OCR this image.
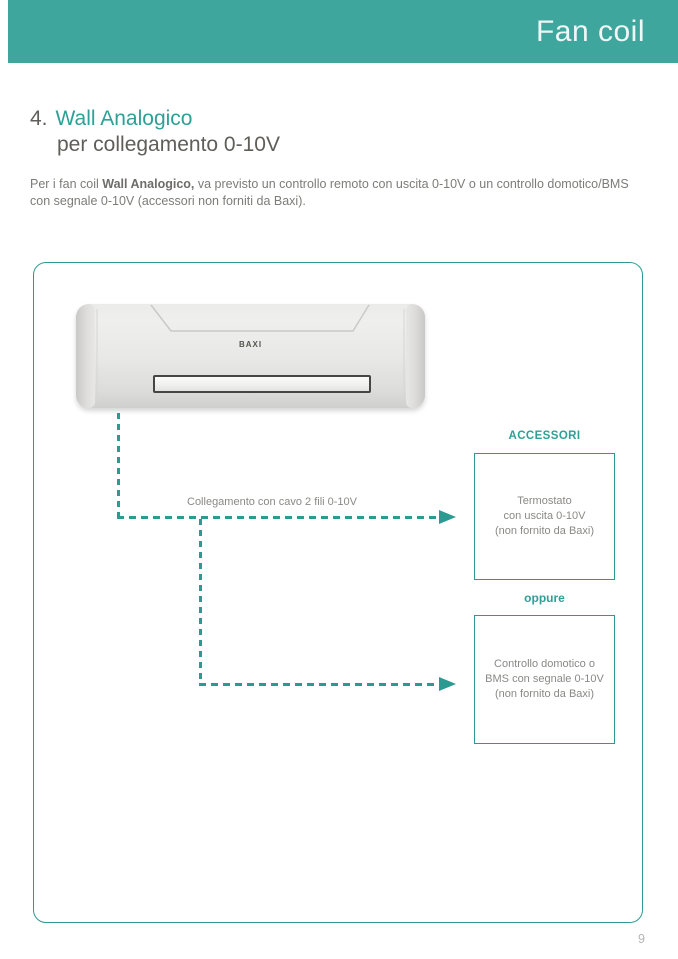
Fan coil
4. Wall Analogico
per collegamento 0-10V

Per i fan coil Wall Analogico, va previsto un controllo remoto con uscita 0-10V o un controllo domotico/BMS
con segnale 0-10V (accessori non forniti da Baxi).

BAXI
Collegamento con cavo 2 fili 0-10V
ACCESSORI
oppure
Termostato
con uscita 0-10V
(non fornito da Baxi)
Controllo domotico o
BMS con segnale 0-10V
(non fornito da Baxi)
9
